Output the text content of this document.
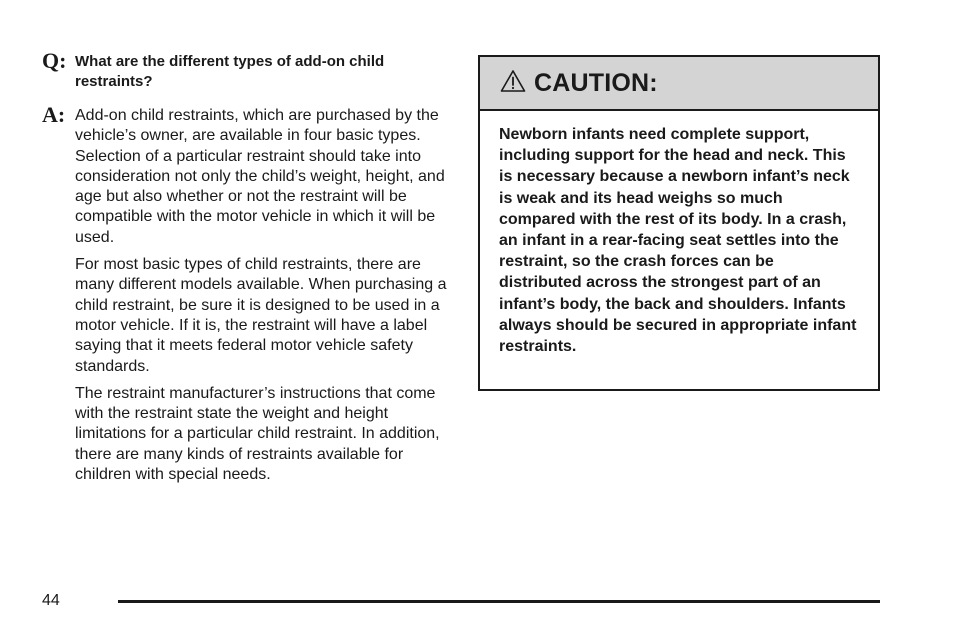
Q: What are the different types of add-on child restraints?
A: Add-on child restraints, which are purchased by the vehicle’s owner, are available in four basic types. Selection of a particular restraint should take into consideration not only the child’s weight, height, and age but also whether or not the restraint will be compatible with the motor vehicle in which it will be used.

For most basic types of child restraints, there are many different models available. When purchasing a child restraint, be sure it is designed to be used in a motor vehicle. If it is, the restraint will have a label saying that it meets federal motor vehicle safety standards.

The restraint manufacturer’s instructions that come with the restraint state the weight and height limitations for a particular child restraint. In addition, there are many kinds of restraints available for children with special needs.

CAUTION:
Newborn infants need complete support, including support for the head and neck. This is necessary because a newborn infant’s neck is weak and its head weighs so much compared with the rest of its body. In a crash, an infant in a rear-facing seat settles into the restraint, so the crash forces can be distributed across the strongest part of an infant’s body, the back and shoulders. Infants always should be secured in appropriate infant restraints.
44
